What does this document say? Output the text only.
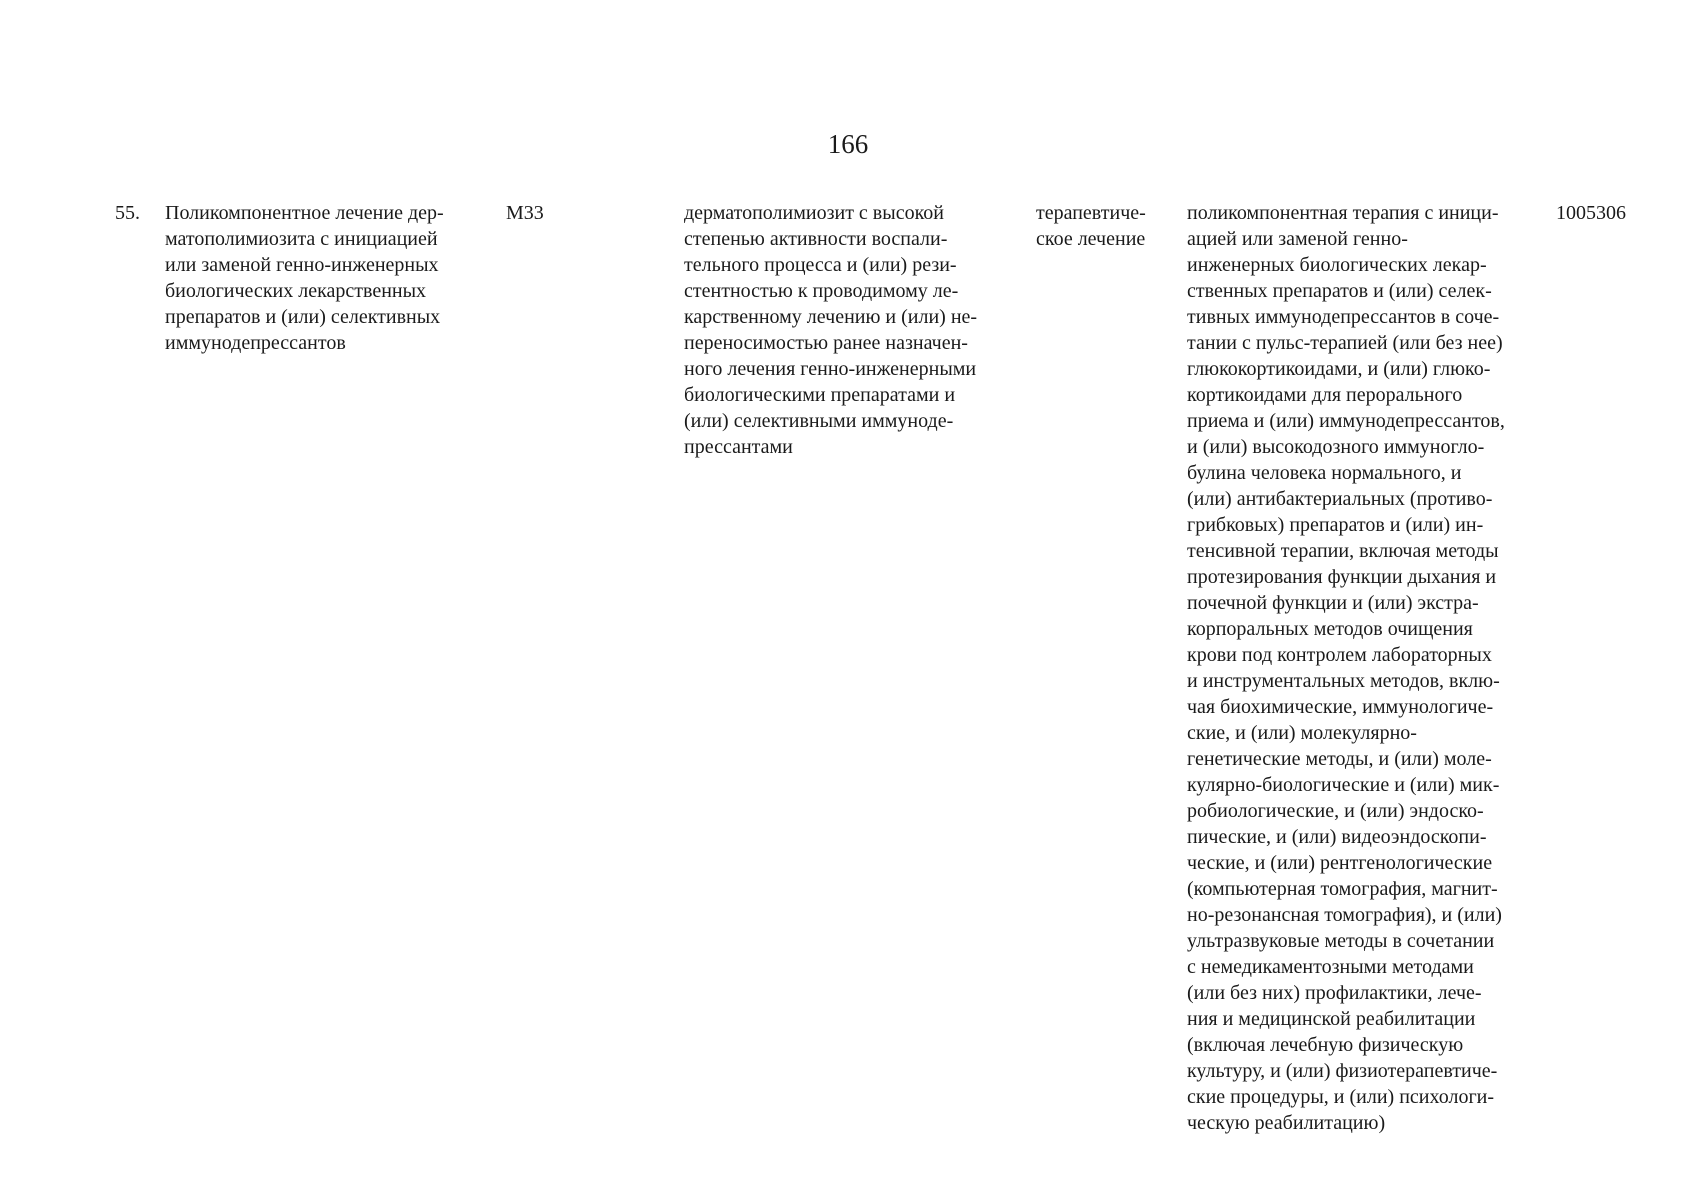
166
55.	Поликомпонентное лечение дер-
матополимиозита с инициацией
или заменой генно-инженерных
биологических лекарственных
препаратов и (или) селективных
иммунодепрессантов
М33	дерматополимиозит с высокой
степенью активности воспали-
тельного процесса и (или) рези-
стентностью к проводимому ле-
карственному лечению и (или) не-
переносимостью ранее назначен-
ного лечения генно-инженерными
биологическими препаратами и
(или) селективными иммуноде-
прессантами
терапевтиче-
ское лечение
поликомпонентная терапия с иници-
ацией или заменой генно-
инженерных биологических лекар-
ственных препаратов и (или) селек-
тивных иммунодепрессантов в соче-
тании с пульс-терапией (или без нее)
глюкокортикоидами, и (или) глюко-
кортикоидами для перорального
приема и (или) иммунодепрессантов,
и (или) высокодозного иммуногло-
булина человека нормального, и
(или) антибактериальных (противо-
грибковых) препаратов и (или) ин-
тенсивной терапии, включая методы
протезирования функции дыхания и
почечной функции и (или) экстра-
корпоральных методов очищения
крови под контролем лабораторных
и инструментальных методов, вклю-
чая биохимические, иммунологиче-
ские, и (или) молекулярно-
генетические методы, и (или) моле-
кулярно-биологические и (или) мик-
робиологические, и (или) эндоско-
пические, и (или) видеоэндоскопи-
ческие, и (или) рентгенологические
(компьютерная томография, магнит-
но-резонансная томография), и (или)
ультразвуковые методы в сочетании
с немедикаментозными методами
(или без них) профилактики, лече-
ния и медицинской реабилитации
(включая лечебную физическую
культуру, и (или) физиотерапевтиче-
ские процедуры, и (или) психологи-
ческую реабилитацию)
1005306
